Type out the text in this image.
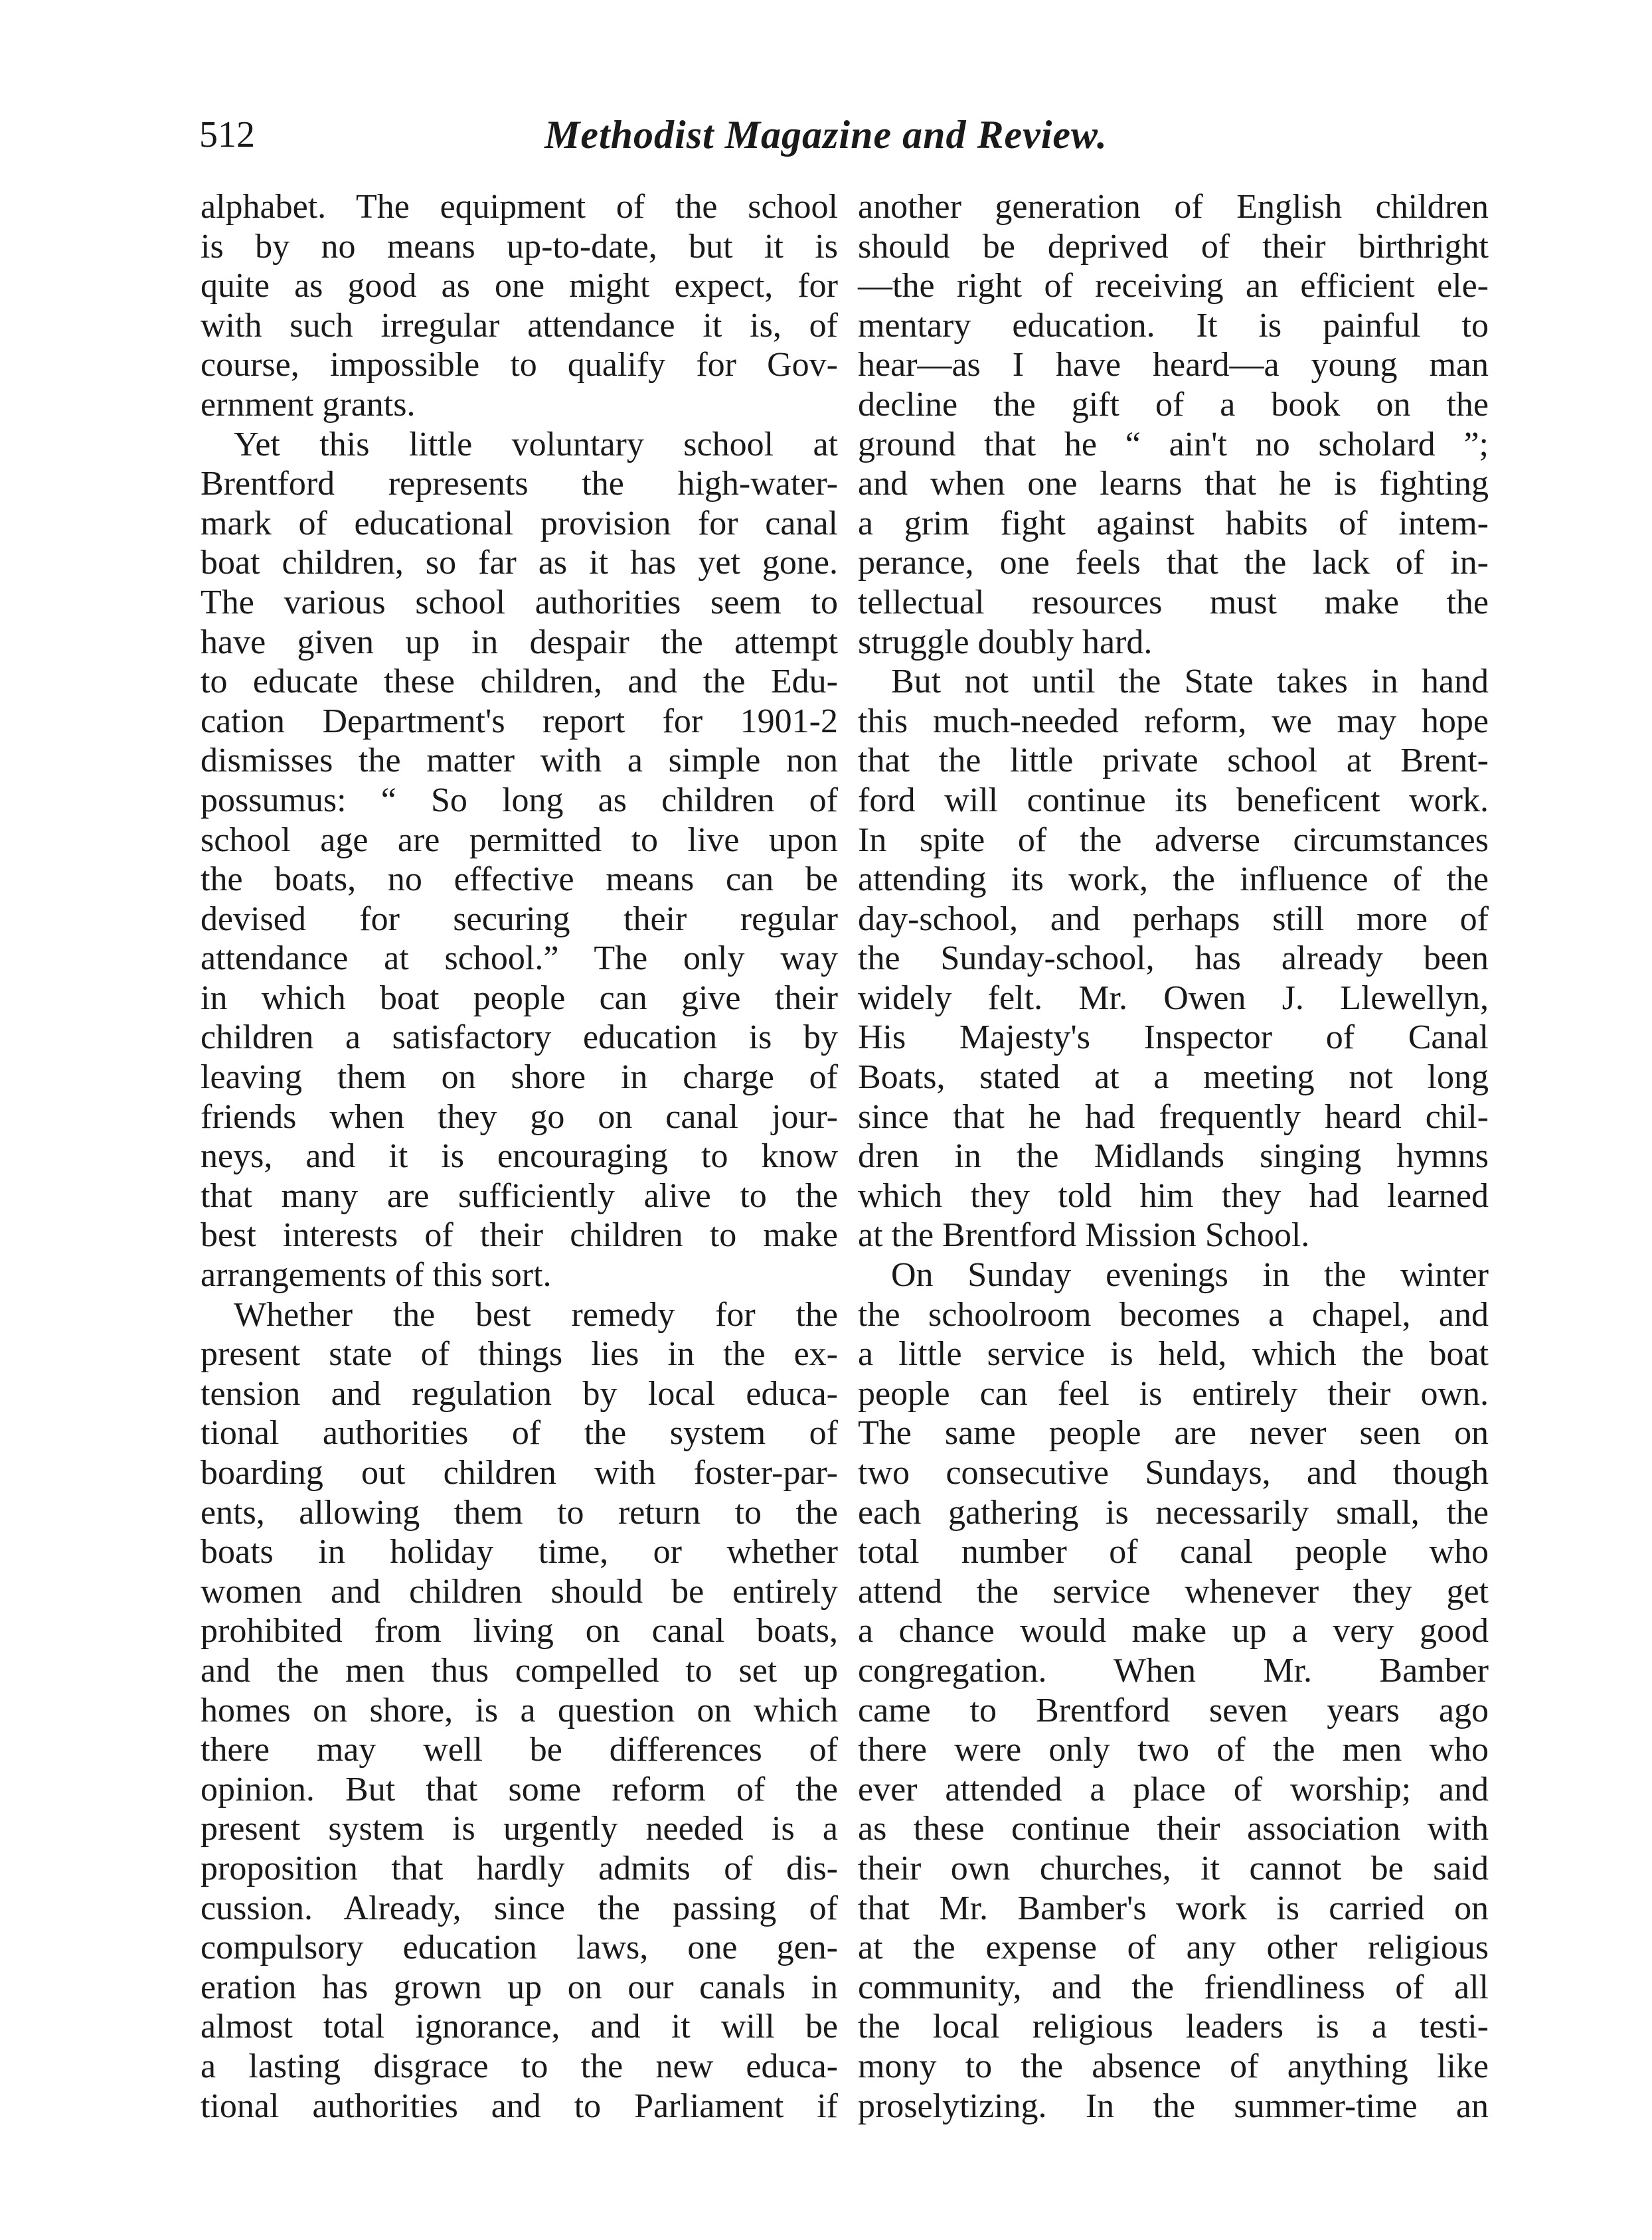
512	Methodist Magazine and Review.
alphabet. The equipment of the school
is by no means up-to-date, but it is
quite as good as one might expect, for
with such irregular attendance it is, of
course, impossible to qualify for Gov-
ernment grants.
Yet this little voluntary school at
Brentford represents the high-water-
mark of educational provision for canal
boat children, so far as it has yet gone.
The various school authorities seem to
have given up in despair the attempt
to educate these children, and the Edu-
cation Department's report for 1901-2
dismisses the matter with a simple non
possumus: “ So long as children of
school age are permitted to live upon
the boats, no effective means can be
devised for securing their regular
attendance at school.” The only way
in which boat people can give their
children a satisfactory education is by
leaving them on shore in charge of
friends when they go on canal jour-
neys, and it is encouraging to know
that many are sufficiently alive to the
best interests of their children to make
arrangements of this sort.
Whether the best remedy for the
present state of things lies in the ex-
tension and regulation by local educa-
tional authorities of the system of
boarding out children with foster-par-
ents, allowing them to return to the
boats in holiday time, or whether
women and children should be entirely
prohibited from living on canal boats,
and the men thus compelled to set up
homes on shore, is a question on which
there may well be differences of
opinion. But that some reform of the
present system is urgently needed is a
proposition that hardly admits of dis-
cussion. Already, since the passing of
compulsory education laws, one gen-
eration has grown up on our canals in
almost total ignorance, and it will be
a lasting disgrace to the new educa-
tional authorities and to Parliament if
another generation of English children
should be deprived of their birthright
—the right of receiving an efficient ele-
mentary education. It is painful to
hear—as I have heard—a young man
decline the gift of a book on the
ground that he “ ain't no scholard ”;
and when one learns that he is fighting
a grim fight against habits of intem-
perance, one feels that the lack of in-
tellectual resources must make the
struggle doubly hard.
But not until the State takes in hand
this much-needed reform, we may hope
that the little private school at Brent-
ford will continue its beneficent work.
In spite of the adverse circumstances
attending its work, the influence of the
day-school, and perhaps still more of
the Sunday-school, has already been
widely felt. Mr. Owen J. Llewellyn,
His Majesty's Inspector of Canal
Boats, stated at a meeting not long
since that he had frequently heard chil-
dren in the Midlands singing hymns
which they told him they had learned
at the Brentford Mission School.
On Sunday evenings in the winter
the schoolroom becomes a chapel, and
a little service is held, which the boat
people can feel is entirely their own.
The same people are never seen on
two consecutive Sundays, and though
each gathering is necessarily small, the
total number of canal people who
attend the service whenever they get
a chance would make up a very good
congregation. When Mr. Bamber
came to Brentford seven years ago
there were only two of the men who
ever attended a place of worship; and
as these continue their association with
their own churches, it cannot be said
that Mr. Bamber's work is carried on
at the expense of any other religious
community, and the friendliness of all
the local religious leaders is a testi-
mony to the absence of anything like
proselytizing. In the summer-time an
